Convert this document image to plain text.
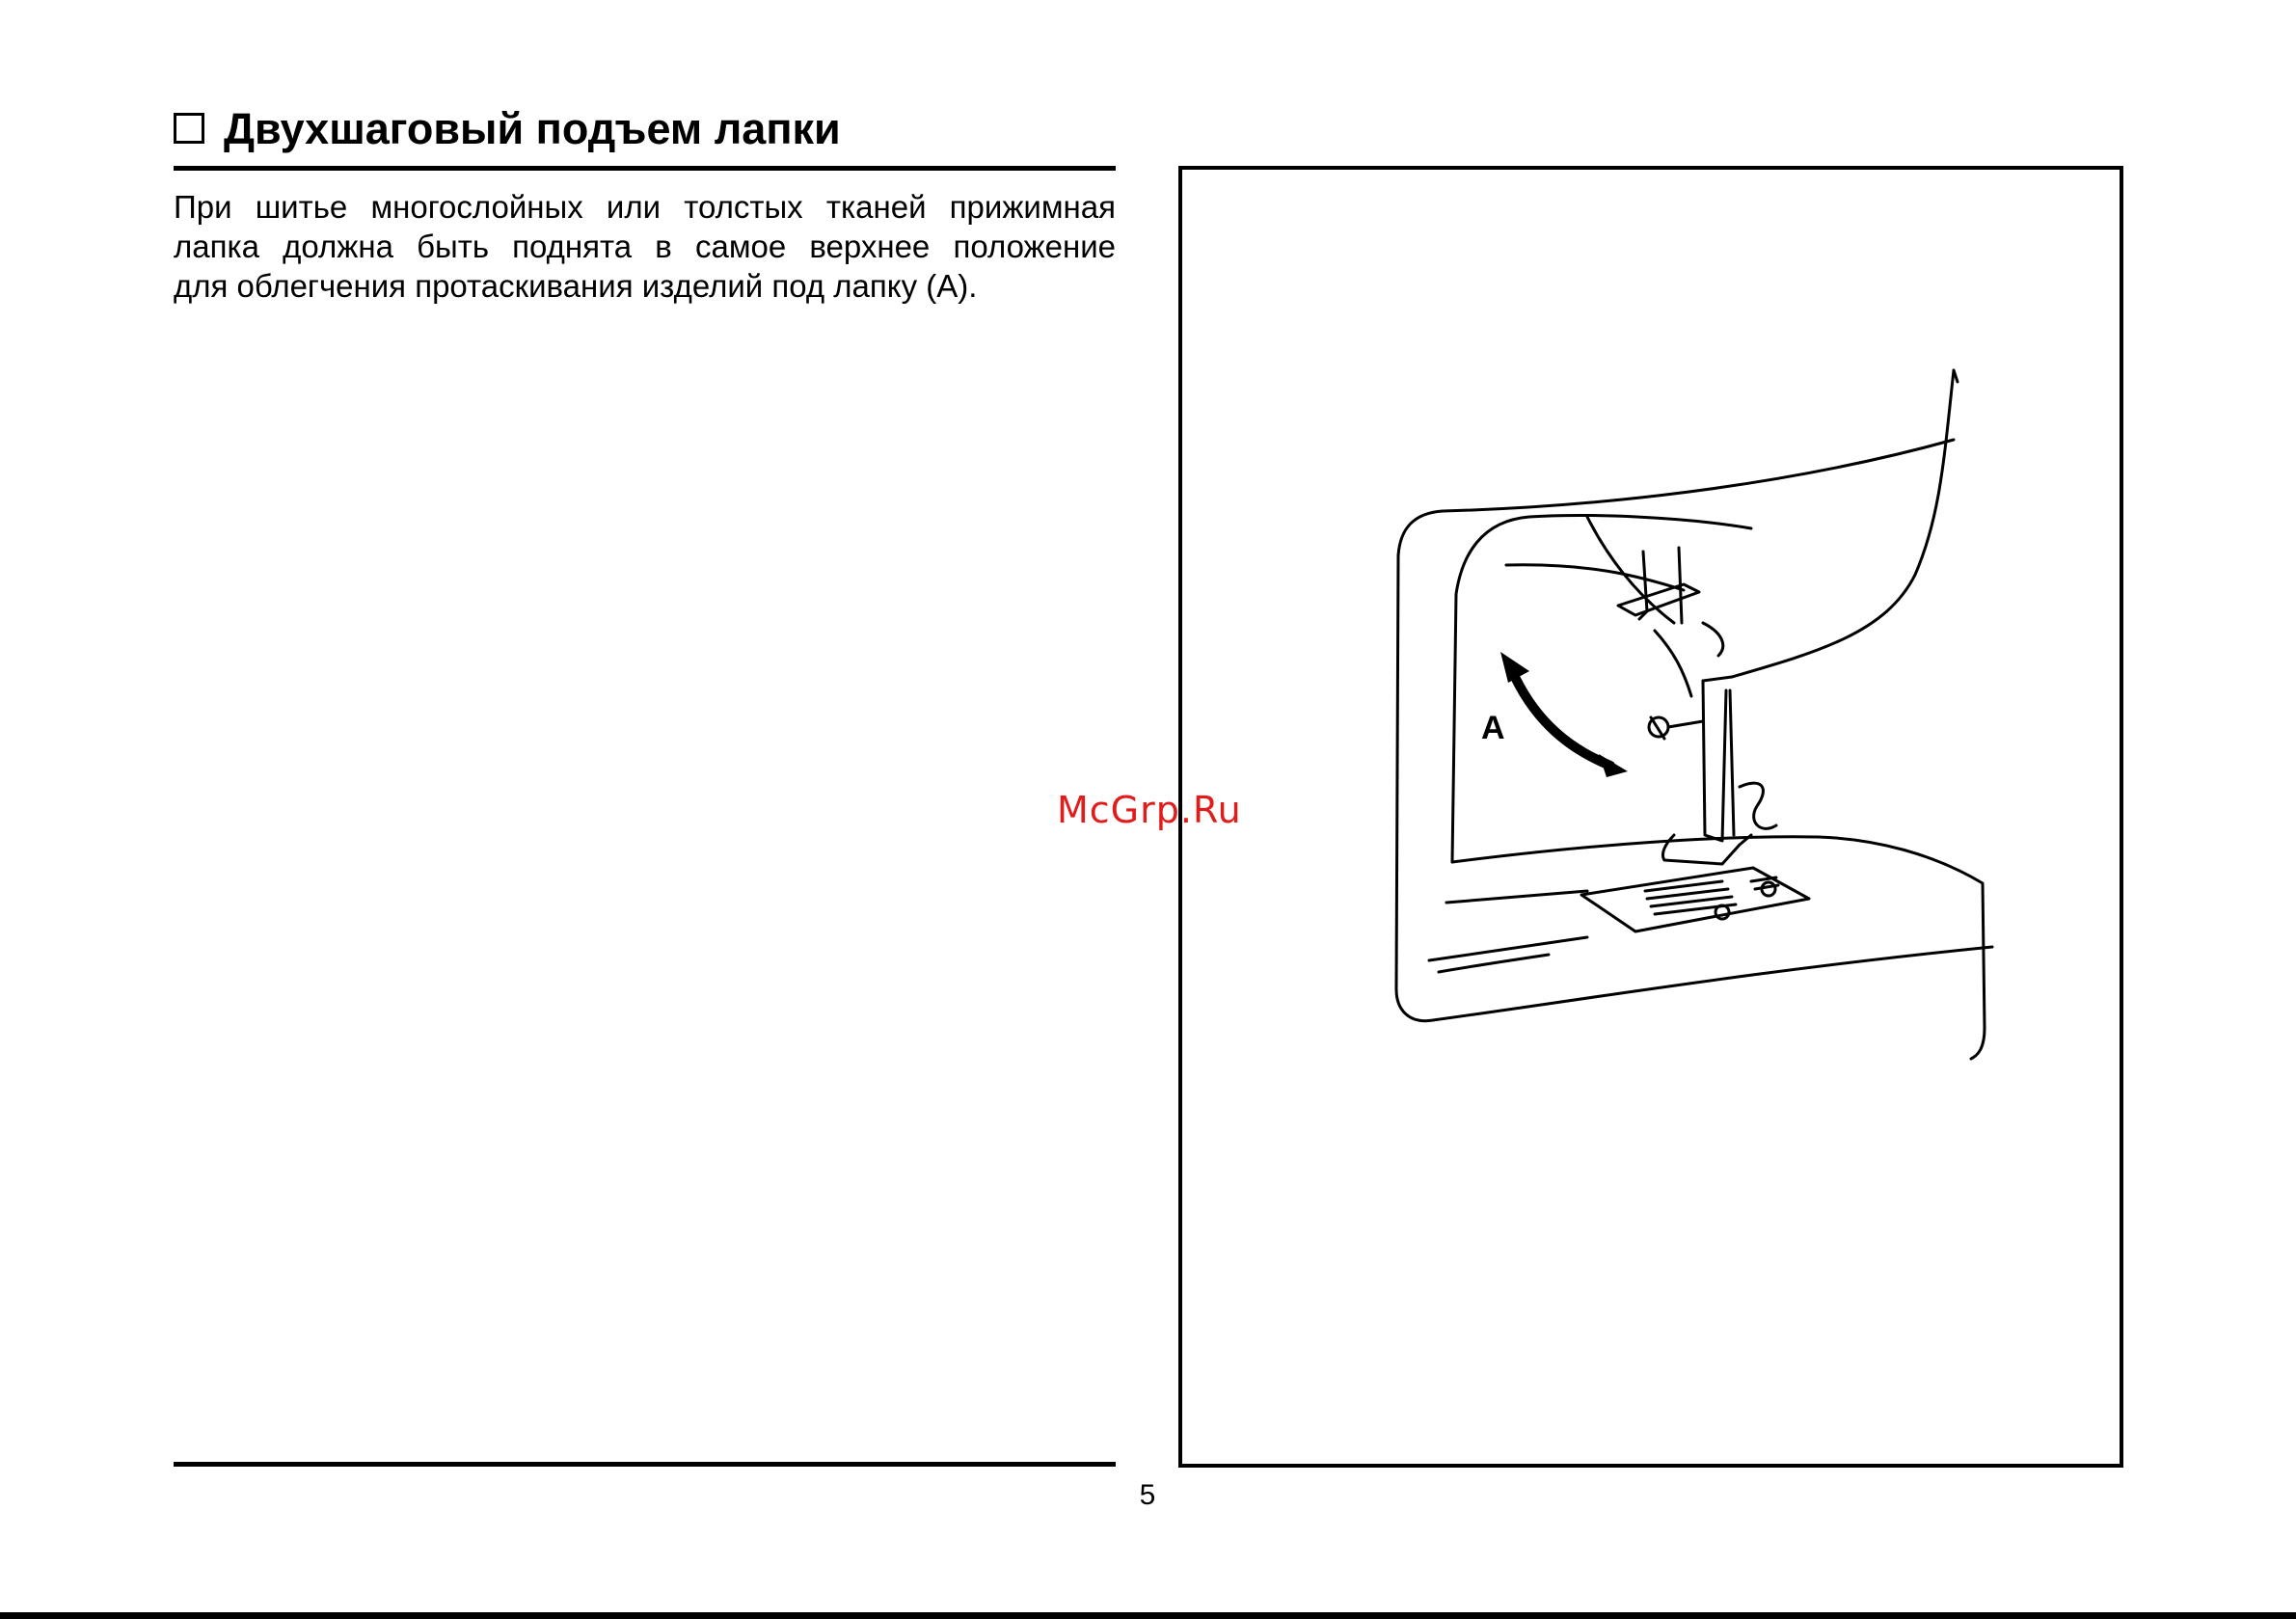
Двухшаговый подъем лапки

При шитье многослойных или толстых тканей прижимная
лапка должна быть поднята в самое верхнее положение
для облегчения протаскивания изделий под лапку (А).

A
McGrp.Ru
5
